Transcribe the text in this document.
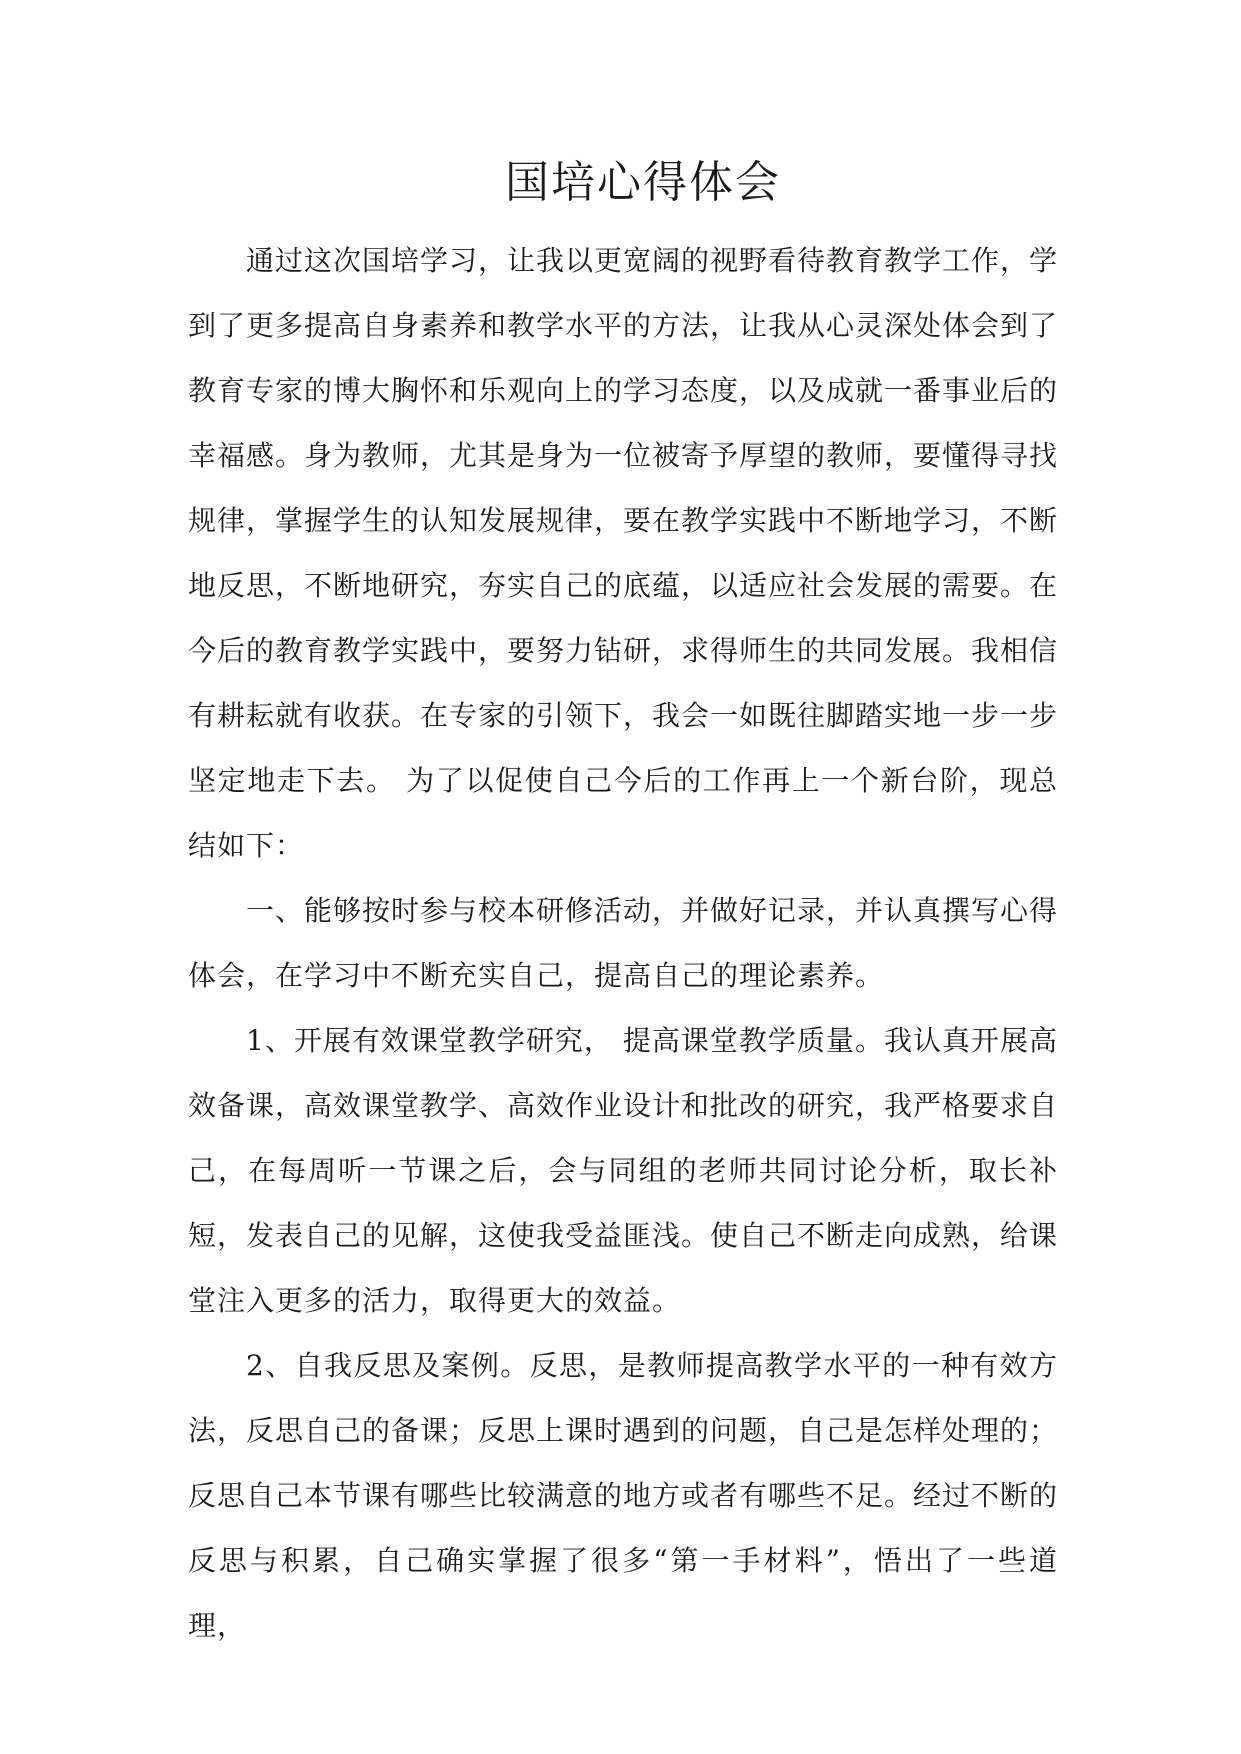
国培心得体会

通过这次国培学习，让我以更宽阔的视野看待教育教学工作，学到了更多提高自身素养和教学水平的方法，让我从心灵深处体会到了教育专家的博大胸怀和乐观向上的学习态度，以及成就一番事业后的幸福感。身为教师，尤其是身为一位被寄予厚望的教师，要懂得寻找规律，掌握学生的认知发展规律，要在教学实践中不断地学习，不断地反思，不断地研究，夯实自己的底蕴，以适应社会发展的需要。在今后的教育教学实践中，要努力钻研，求得师生的共同发展。我相信有耕耘就有收获。在专家的引领下，我会一如既往脚踏实地一步一步坚定地走下去。 为了以促使自己今后的工作再上一个新台阶，现总结如下：

一、能够按时参与校本研修活动，并做好记录，并认真撰写心得体会，在学习中不断充实自己，提高自己的理论素养。

1、开展有效课堂教学研究， 提高课堂教学质量。我认真开展高效备课，高效课堂教学、高效作业设计和批改的研究，我严格要求自己，在每周听一节课之后，会与同组的老师共同讨论分析，取长补短，发表自己的见解，这使我受益匪浅。使自己不断走向成熟，给课堂注入更多的活力，取得更大的效益。

2、自我反思及案例。反思，是教师提高教学水平的一种有效方法，反思自己的备课；反思上课时遇到的问题，自己是怎样处理的；反思自己本节课有哪些比较满意的地方或者有哪些不足。经过不断的反思与积累，自己确实掌握了很多“第一手材料”，悟出了一些道理，
